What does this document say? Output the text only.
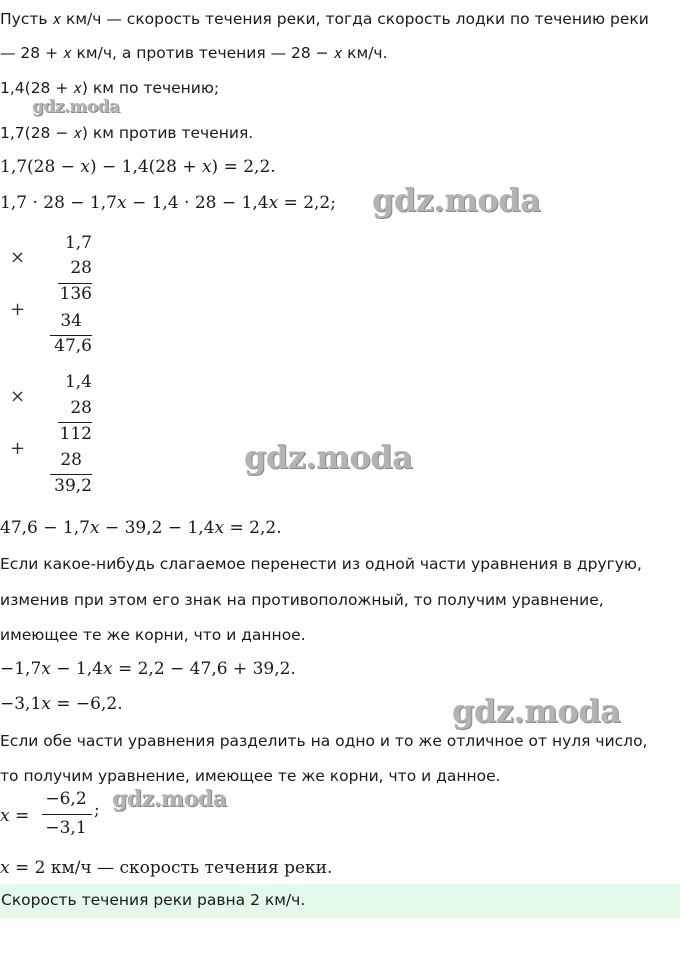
Пусть 𝑥 км/ч — скорость течения реки, тогда скорость лодки по течению реки
— 28 + 𝑥 км/ч, а против течения — 28 − 𝑥 км/ч.
1,4(28 + 𝑥) км по течению;
1,7(28 − 𝑥) км против течения.
1,7(28 − 𝑥) − 1,4(28 + 𝑥) = 2,2.
1,7 · 28 − 1,7𝑥 − 1,4 · 28 − 1,4𝑥 = 2,2;
×
1,7
28
136
+
34
47,6
×
1,4
28
112
+
28
39,2
47,6 − 1,7𝑥 − 39,2 − 1,4𝑥 = 2,2.
Если какое-нибудь слагаемое перенести из одной части уравнения в другую,
изменив при этом его знак на противоположный, то получим уравнение,
имеющее те же корни, что и данное.
−1,7𝑥 − 1,4𝑥 = 2,2 − 47,6 + 39,2.
−3,1𝑥 = −6,2.
Если обе части уравнения разделить на одно и то же отличное от нуля число,
то получим уравнение, имеющее те же корни, что и данное.
𝑥 =
−6,2
−3,1
;
𝑥 = 2 км/ч — скорость течения реки.
Скорость течения реки равна 2 км/ч.
gdz.moda
gdz.moda
gdz.moda
gdz.moda
gdz.moda
